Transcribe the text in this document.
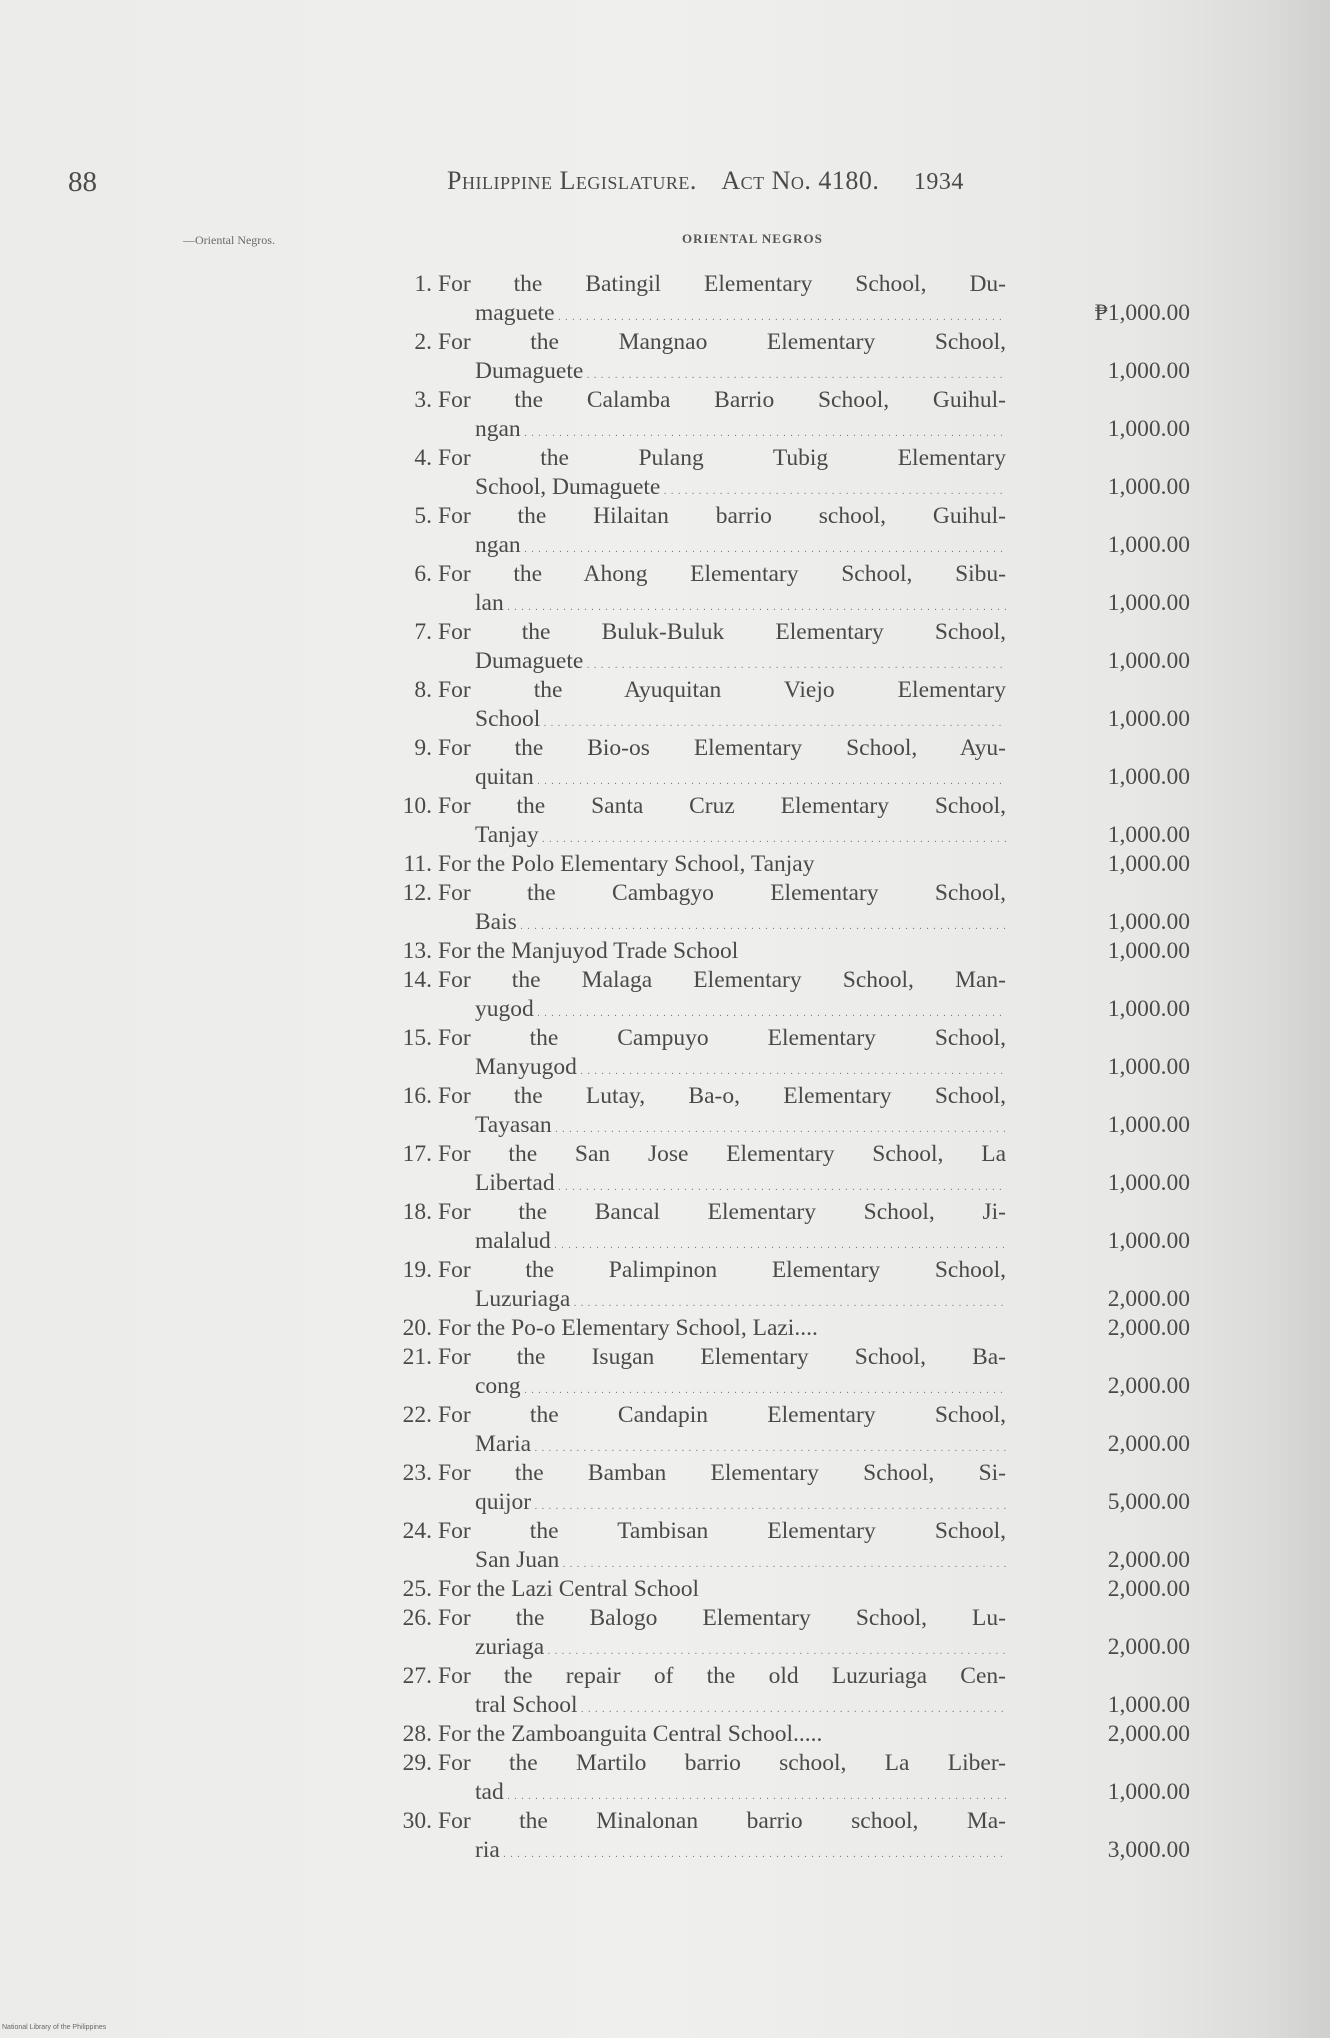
88	Philippine Legislature. Act No. 4180. 1934
—Oriental Negros.	ORIENTAL NEGROS
1. For the Batingil Elementary School, Du-
maguete . . .	₱1,000.00
2. For the Mangnao Elementary School,
Dumaguete . . .	1,000.00
3. For the Calamba Barrio School, Guihul-
ngan . . .	1,000.00
4. For the Pulang Tubig Elementary
School, Dumaguete . . .	1,000.00
5. For the Hilaitan barrio school, Guihul-
ngan . . .	1,000.00
6. For the Ahong Elementary School, Sibu-
lan . . .	1,000.00
7. For the Buluk-Buluk Elementary School,
Dumaguete . . .	1,000.00
8. For the Ayuquitan Viejo Elementary
School . . .	1,000.00
9. For the Bio-os Elementary School, Ayu-
quitan . . .	1,000.00
10. For the Santa Cruz Elementary School,
Tanjay . . .	1,000.00
11. For the Polo Elementary School, Tanjay	1,000.00
12. For the Cambagyo Elementary School,
Bais . . .	1,000.00
13. For the Manjuyod Trade School	1,000.00
14. For the Malaga Elementary School, Man-
yugod . . .	1,000.00
15. For the Campuyo Elementary School,
Manyugod . . .	1,000.00
16. For the Lutay, Ba-o, Elementary School,
Tayasan . . .	1,000.00
17. For the San Jose Elementary School, La
Libertad . . .	1,000.00
18. For the Bancal Elementary School, Ji-
malalud . . .	1,000.00
19. For the Palimpinon Elementary School,
Luzuriaga . . .	2,000.00
20. For the Po-o Elementary School, Lazi....	2,000.00
21. For the Isugan Elementary School, Ba-
cong . . .	2,000.00
22. For the Candapin Elementary School,
Maria . . .	2,000.00
23. For the Bamban Elementary School, Si-
quijor . . .	5,000.00
24. For the Tambisan Elementary School,
San Juan . . .	2,000.00
25. For the Lazi Central School	2,000.00
26. For the Balogo Elementary School, Lu-
zuriaga . . .	2,000.00
27. For the repair of the old Luzuriaga Cen-
tral School . . .	1,000.00
28. For the Zamboanguita Central School.....	2,000.00
29. For the Martilo barrio school, La Liber-
tad . . .	1,000.00
30. For the Minalonan barrio school, Ma-
ria . . .	3,000.00
National Library of the Philippines
